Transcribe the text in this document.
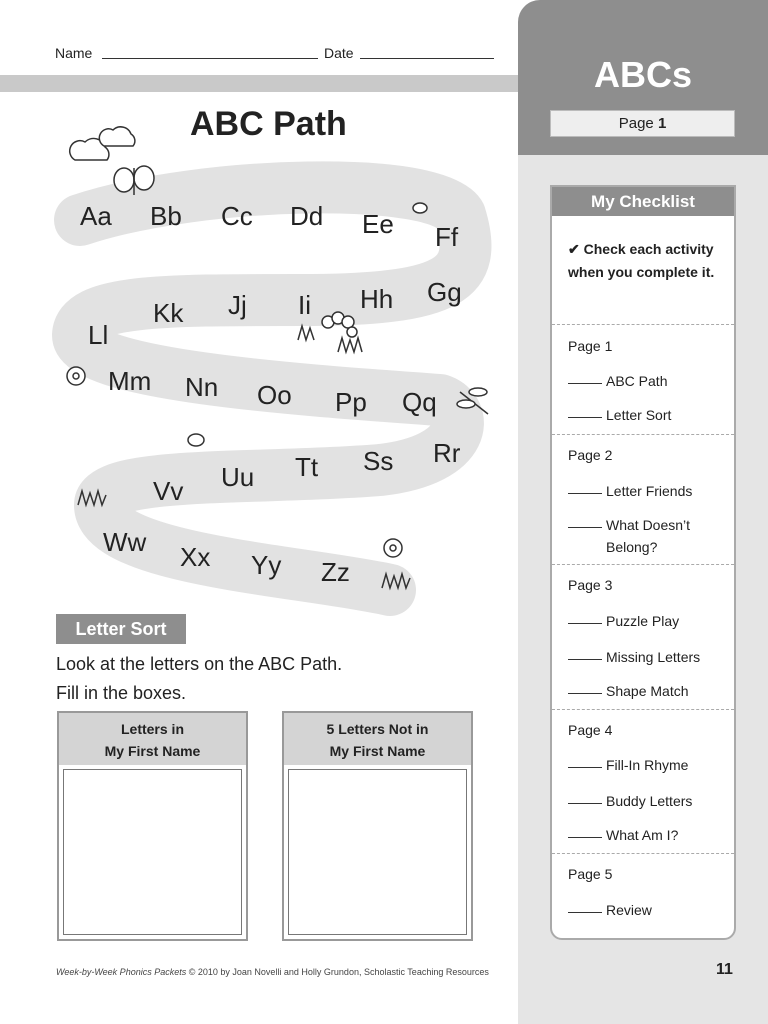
Name	Date
ABCs
Page 1
ABC Path
Aa Bb Cc Dd Ee Ff
Gg
Hh
Ii
Jj
Kk
Ll
Mm Nn Oo Pp Qq
Rr
Ss
Tt
Uu
Vv
Ww Xx Yy Zz
Letter Sort
Look at the letters on the ABC Path.
Fill in the boxes.
Letters in
My First Name
5 Letters Not in
My First Name
My Checklist
✔ Check each activity when you complete it.
Page 1
ABC Path
Letter Sort
Page 2
Letter Friends
What Doesn’t Belong?
Page 3
Puzzle Play
Missing Letters
Shape Match
Page 4
Fill-In Rhyme
Buddy Letters
What Am I?
Page 5
Review
Week-by-Week Phonics Packets © 2010 by Joan Novelli and Holly Grundon, Scholastic Teaching Resources	11
